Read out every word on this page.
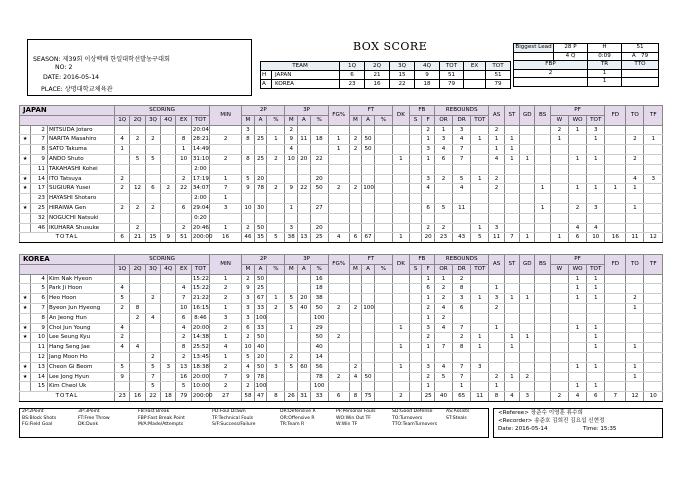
SEASON: 제39회 이상백배 한일대학선발농구대회
NO: 2
DATE: 2016-05-14
PLACE: 상명대학교체육관
BOX SCORE
TEAM		1Q	2Q	3Q	4Q	TOT	EX	TOT
H	JAPAN	6	21	15	9	51		51
A	KOREA	23	16	22	18	79		79
Biggest Lead	28 P	H	51
	4 Q	0:09	A 79
FBP		TR	TTO
2		1	
		1	
JAPAN			SCORING						MIN	2P			3P			FG%	FT			DK	FB		REBOUNDS			AS	ST	GD	BS	PF			FD	TO	TF
			1Q	2Q	3Q	4Q	EX	TOT		M	A	%	M	A	%		M	A	%		S	F	OR	DR	TOT					W	WO	TOT			
	2	MITSUDA Jotaro						20:04		3			2									2	1	3		2				2	1	3			
★	7	NARITA Masahiro	4	2	2		8	28:21	2	8	25	1	9	11	18	1	2	50				1	3	4	1	1	1			1		1		2	1
	8	SATO Takuma	1				1	14:49					4			1	2	50				3	4	7		1	1								
★	9	ANDO Shuto		5	5		10	31:10	2	8	25	2	10	20	22					1		1	6	7		4	1	1			1	1		2	
	11	TAKAHASHI Kohei						2:00																											
★	14	ITO Tatsuya	2				2	17:19	1	5	20				20							3	2	5	1	2								4	3
★	17	SUGIURA Yusei	2	12	6	2	22	34:07	7	9	78	2	9	22	50	2	2	100				4		4		2			1		1	1	1	1	
	23	HAYASHI Shotaro						2:00	1																										
★	25	HIRAIWA Gen	2	2	2		6	29:04	3	10	30		1		27							6	5	11					1		2	3		1	
	32	NOGUCHI Natsuki						0:20																											
	46	IKUHARA Shusuke		2			2	20:46	1	2	50		3		20							2	2		1	3					4	4			
TOTAL			6	21	15	9	51	200:00	16	46	35	5	38	13	25	4	6	67		1		20	23	43	5	11	7	1		1	6	10	16	11	12
KOREA			SCORING						MIN	2P			3P			FG%	FT			DK	FB		REBOUNDS			AS	ST	GD	BS	PF			FD	TO	TF
			1Q	2Q	3Q	4Q	EX	TOT		M	A	%	M	A	%		M	A	%		S	F	OR	DR	TOT					W	WO	TOT			
	4	Kim Nak Hyeon						15:22	1	2	50				16							1	1	2							1	1			
	5	Park Ji Hoon	4				4	15:22	2	9	25				18							6	2	8		1					1	1			
★	6	Heo Hoon	5		2		7	21:22	2	3	67	1	5	20	38							1	2	3	1	3	1	1			1	1		2	
★	7	Byeon Jun Hyeong	2	8			10	16:15	1	3	33	2	5	40	50	2	2	100				2	4	6		2								1	
	8	An Jeong Hun		2	4		6	8:46	3	3	100				100							1	2												
★	9	Choi Jun Young	4				4	20:00	2	6	33		1		29					1		3	4	7		1					1	1			
★	10	Lee Seung Kyu	2				2	14:38	1	2	50				50	2						2		2	1		1	1				1			
	11	Hang Seng Jae	4	4			8	25:52	4	10	40				40					1		1	7	8	1		1					1		1	
	12	Jang Moon Ho			2		2	13:45	1	5	20		2		14																				
★	13	Cheon Gi Beom	5		5	3	13	18:38	2	4	50	3	5	60	56		2			1		3	4	7	3						1	1		1	
★	14	Lee Jong Hyun	9		7		16	20:00	7	9	78				78	2	4	50				2	5	7		2	1	2						1	
	15	Kim Cheol Uk			5		5	10:00	2	2	100				100							1		1		1					1	1			
TOTAL			23	16	22	18	79	200:00	27	58	47	8	26	31	33	6	8	75		2		25	40	65	11	8	4	3		2	4	6	7	12	10
2P:2Point	3P:3Point	FB:Fast Break	PD:Foul Drawn	DR:Defensive R	PF:Personal Fouls	SD:Good Defense	AS:Assists
BS:Block Shots	FT:Free Throw	FBP:Fast Break Point	TF:Technical Fouls	OR:Offensive R	WO:Win Out TF	TO:Turnovers	ST:Steals
FG:Field Goal	DK:Dunk	M/A:Made/Attempts	S/F:Success/Failure	TR:Team R	W:Win TF	TTO:TeamTurnovers
<Referee> 장준수 이영훈 류수희
<Recorder> 송준호 김희진 김요섭 신현정
Date: 2016-05-14	Time: 15:35
